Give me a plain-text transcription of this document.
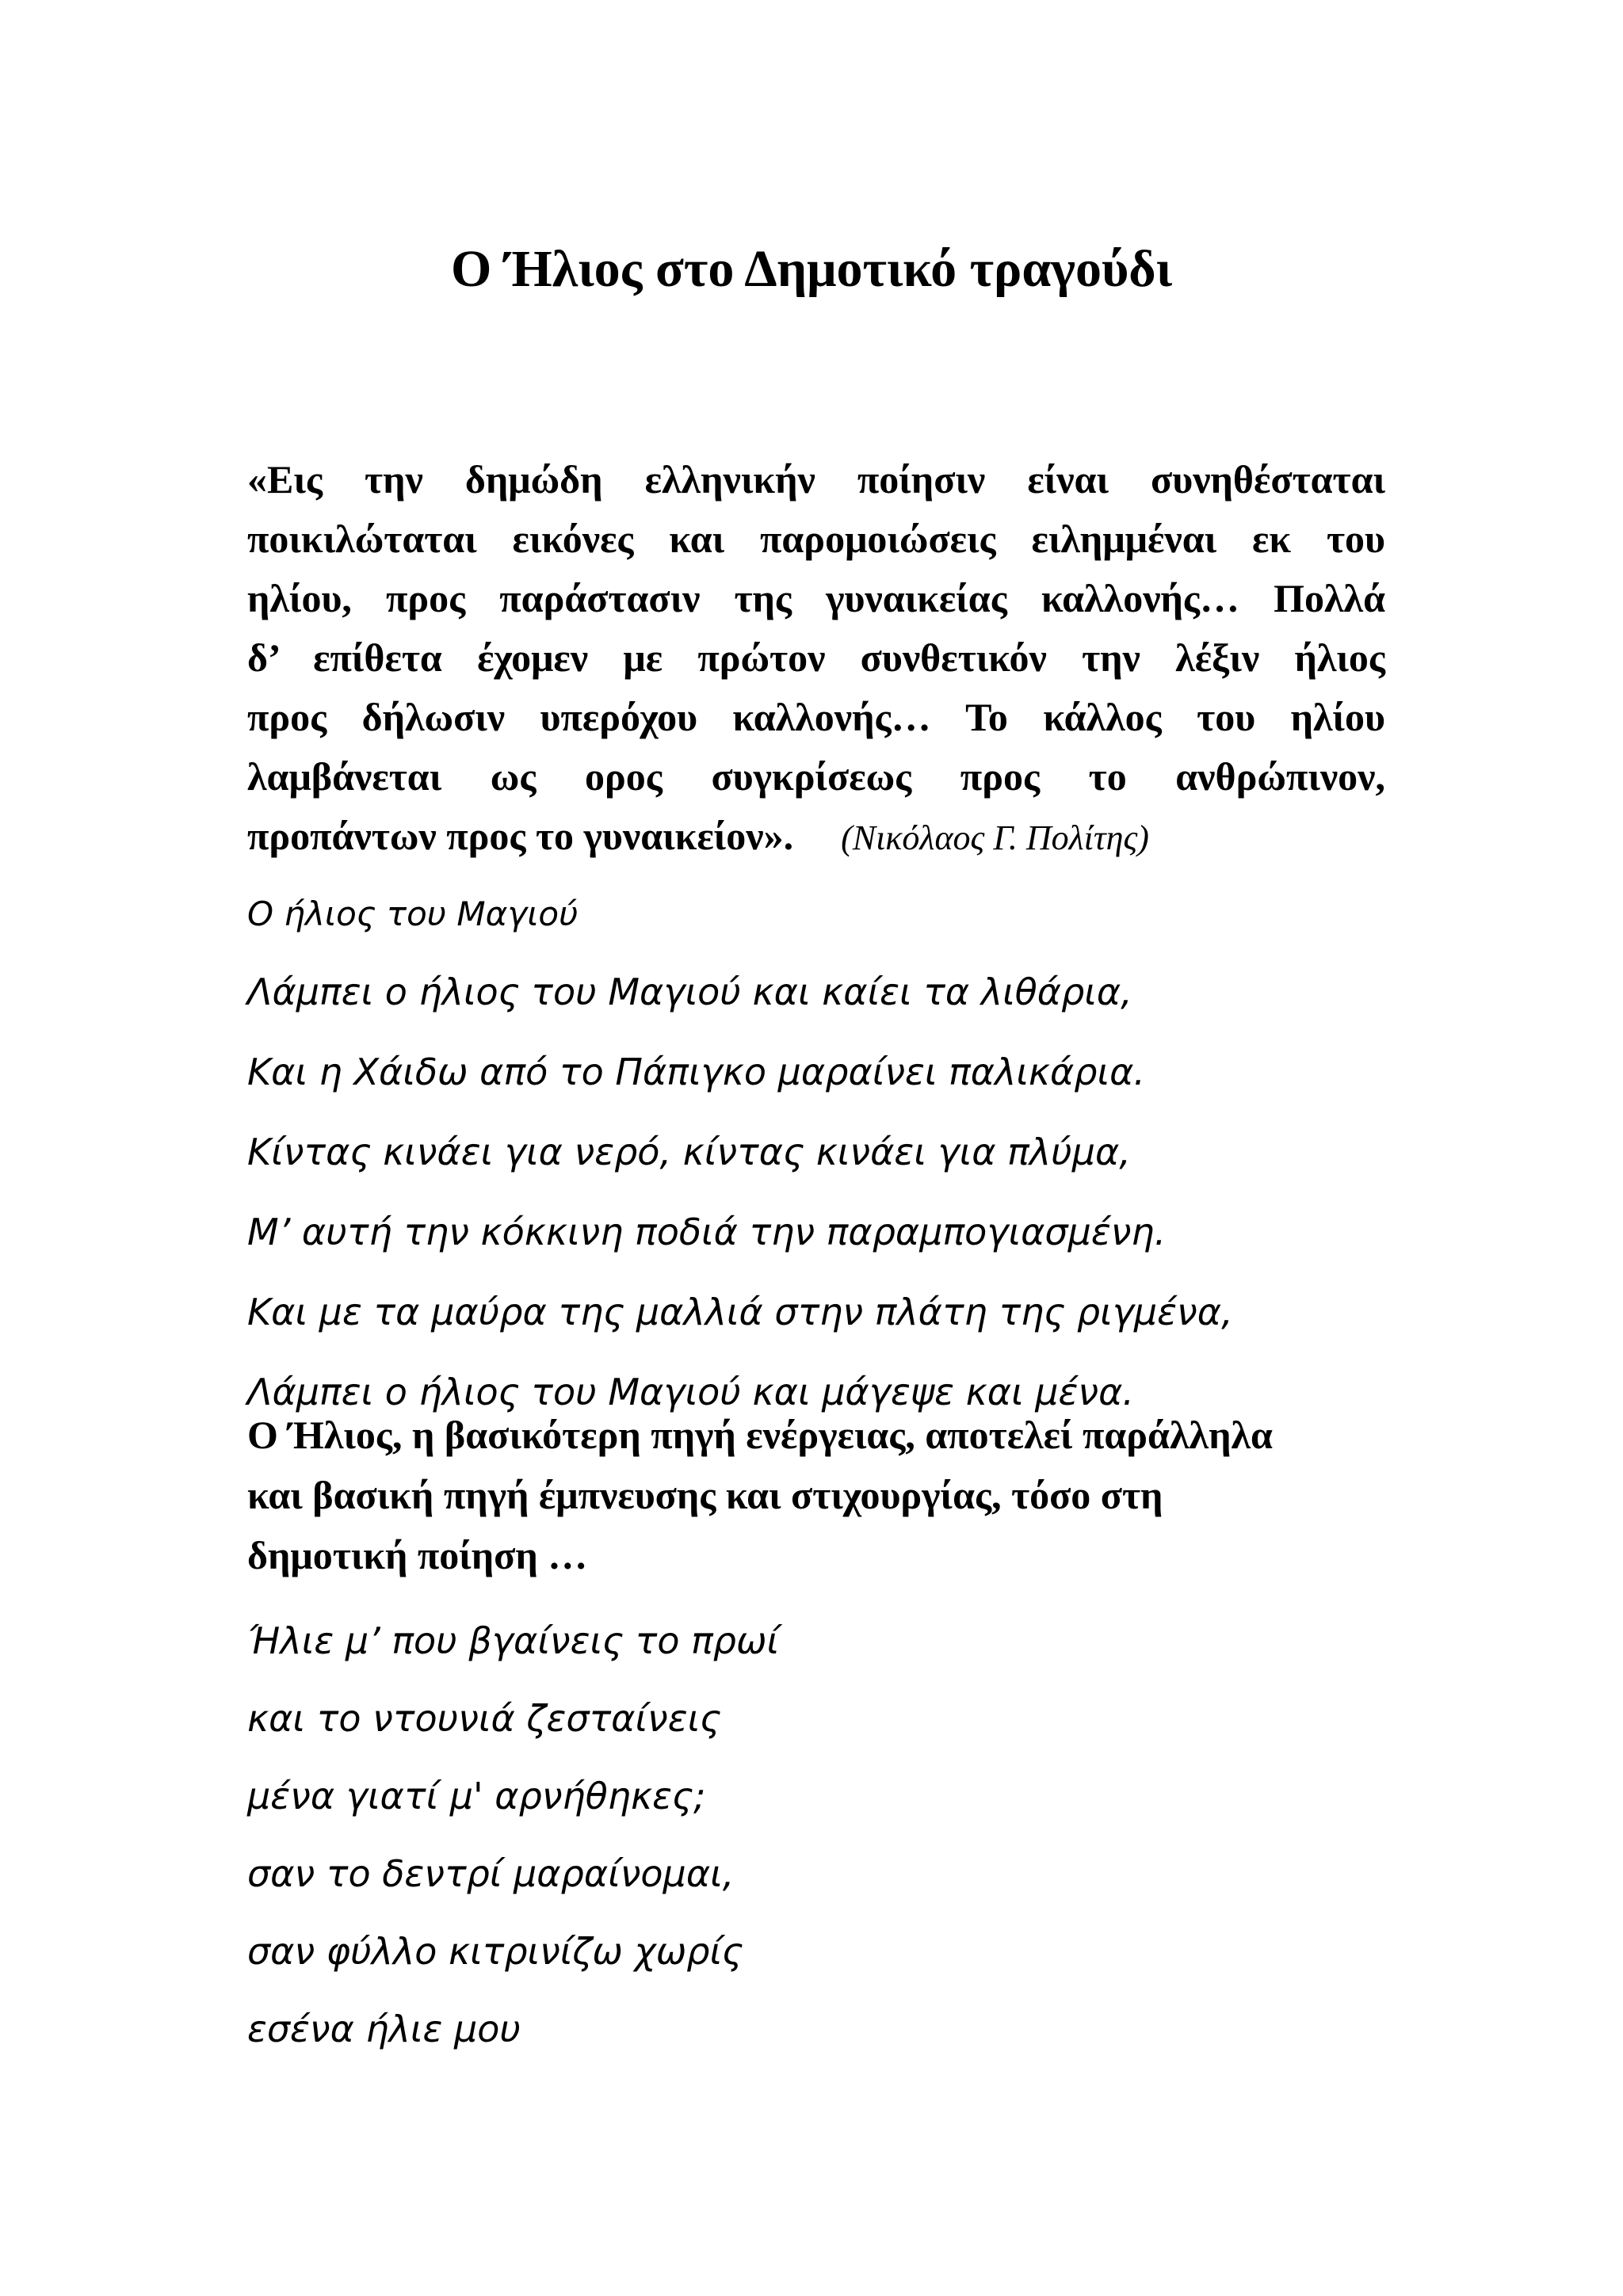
Ο Ήλιος στο Δημοτικό τραγούδι
«Εις την δημώδη ελληνικήν ποίησιν είναι συνηθέσταται
ποικιλώταται εικόνες και παρομοιώσεις ειλημμέναι εκ του
ηλίου, προς παράστασιν της γυναικείας καλλονής… Πολλά
δ’ επίθετα έχομεν με πρώτον συνθετικόν την λέξιν ήλιος
προς δήλωσιν υπερόχου καλλονής… Το κάλλος του ηλίου
λαμβάνεται ως ορος συγκρίσεως προς το ανθρώπινον,
προπάντων προς το γυναικείον». (Νικόλαος Γ. Πολίτης)
Ο ήλιος του Μαγιού
Λάμπει ο ήλιος του Μαγιού και καίει τα λιθάρια,
Και η Χάιδω από το Πάπιγκο μαραίνει παλικάρια.
Κίντας κινάει για νερό, κίντας κινάει για πλύμα,
Μ’ αυτή την κόκκινη ποδιά την παραμπογιασμένη.
Και με τα μαύρα της μαλλιά στην πλάτη της ριγμένα,
Λάμπει ο ήλιος του Μαγιού και μάγεψε και μένα.
Ο Ήλιος, η βασικότερη πηγή ενέργειας, αποτελεί παράλληλα
και βασική πηγή έμπνευσης και στιχουργίας, τόσο στη
δημοτική ποίηση …
Ήλιε μ’ που βγαίνεις το πρωί
και το ντουνιά ζεσταίνεις
μένα γιατί μ' αρνήθηκες;
σαν το δεντρί μαραίνομαι,
σαν φύλλο κιτρινίζω χωρίς
εσένα ήλιε μου
